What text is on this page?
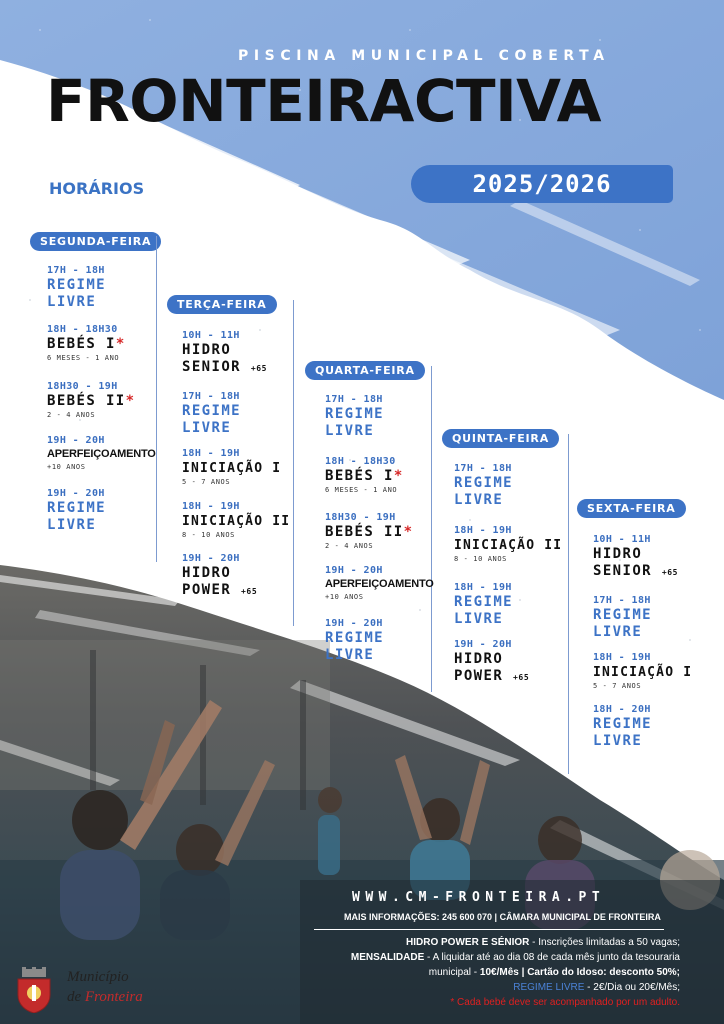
PISCINA MUNICIPAL COBERTA
FRONTEIRACTIVA
HORÁRIOS	2025/2026
SEGUNDA-FEIRA
17H - 18H
REGIME LIVRE
18H - 18H30
BEBÉS I*
6 MESES - 1 ANO
18H30 - 19H
BEBÉS II*
2 - 4 ANOS
19H - 20H
APERFEIÇOAMENTO
+10 ANOS
19H - 20H
REGIME LIVRE
TERÇA-FEIRA
10H - 11H
HIDRO
SENIOR +65
17H - 18H
REGIME LIVRE
18H - 19H
INICIAÇÃO I
5 - 7 ANOS
18H - 19H
INICIAÇÃO II
8 - 10 ANOS
19H - 20H
HIDRO
POWER +65
QUARTA-FEIRA
17H - 18H
REGIME LIVRE
18H - 18H30
BEBÉS I*
6 MESES - 1 ANO
18H30 - 19H
BEBÉS II*
2 - 4 ANOS
19H - 20H
APERFEIÇOAMENTO
+10 ANOS
19H - 20H
REGIME LIVRE
QUINTA-FEIRA
17H - 18H
REGIME LIVRE
18H - 19H
INICIAÇÃO II
8 - 10 ANOS
18H - 19H
REGIME LIVRE
19H - 20H
HIDRO
POWER +65
SEXTA-FEIRA
10H - 11H
HIDRO
SENIOR +65
17H - 18H
REGIME LIVRE
18H - 19H
INICIAÇÃO I
5 - 7 ANOS
18H - 20H
REGIME LIVRE
WWW.CM-FRONTEIRA.PT
MAIS INFORMAÇÕES: 245 600 070 | CÂMARA MUNICIPAL DE FRONTEIRA
HIDRO POWER E SÉNIOR - Inscrições limitadas a 50 vagas;
MENSALIDADE - A liquidar até ao dia 08 de cada mês junto da tesouraria
municipal - 10€/Mês | Cartão do Idoso: desconto 50%;
REGIME LIVRE - 2€/Dia ou 20€/Mês;
* Cada bebé deve ser acompanhado por um adulto.
Município
de Fronteira
